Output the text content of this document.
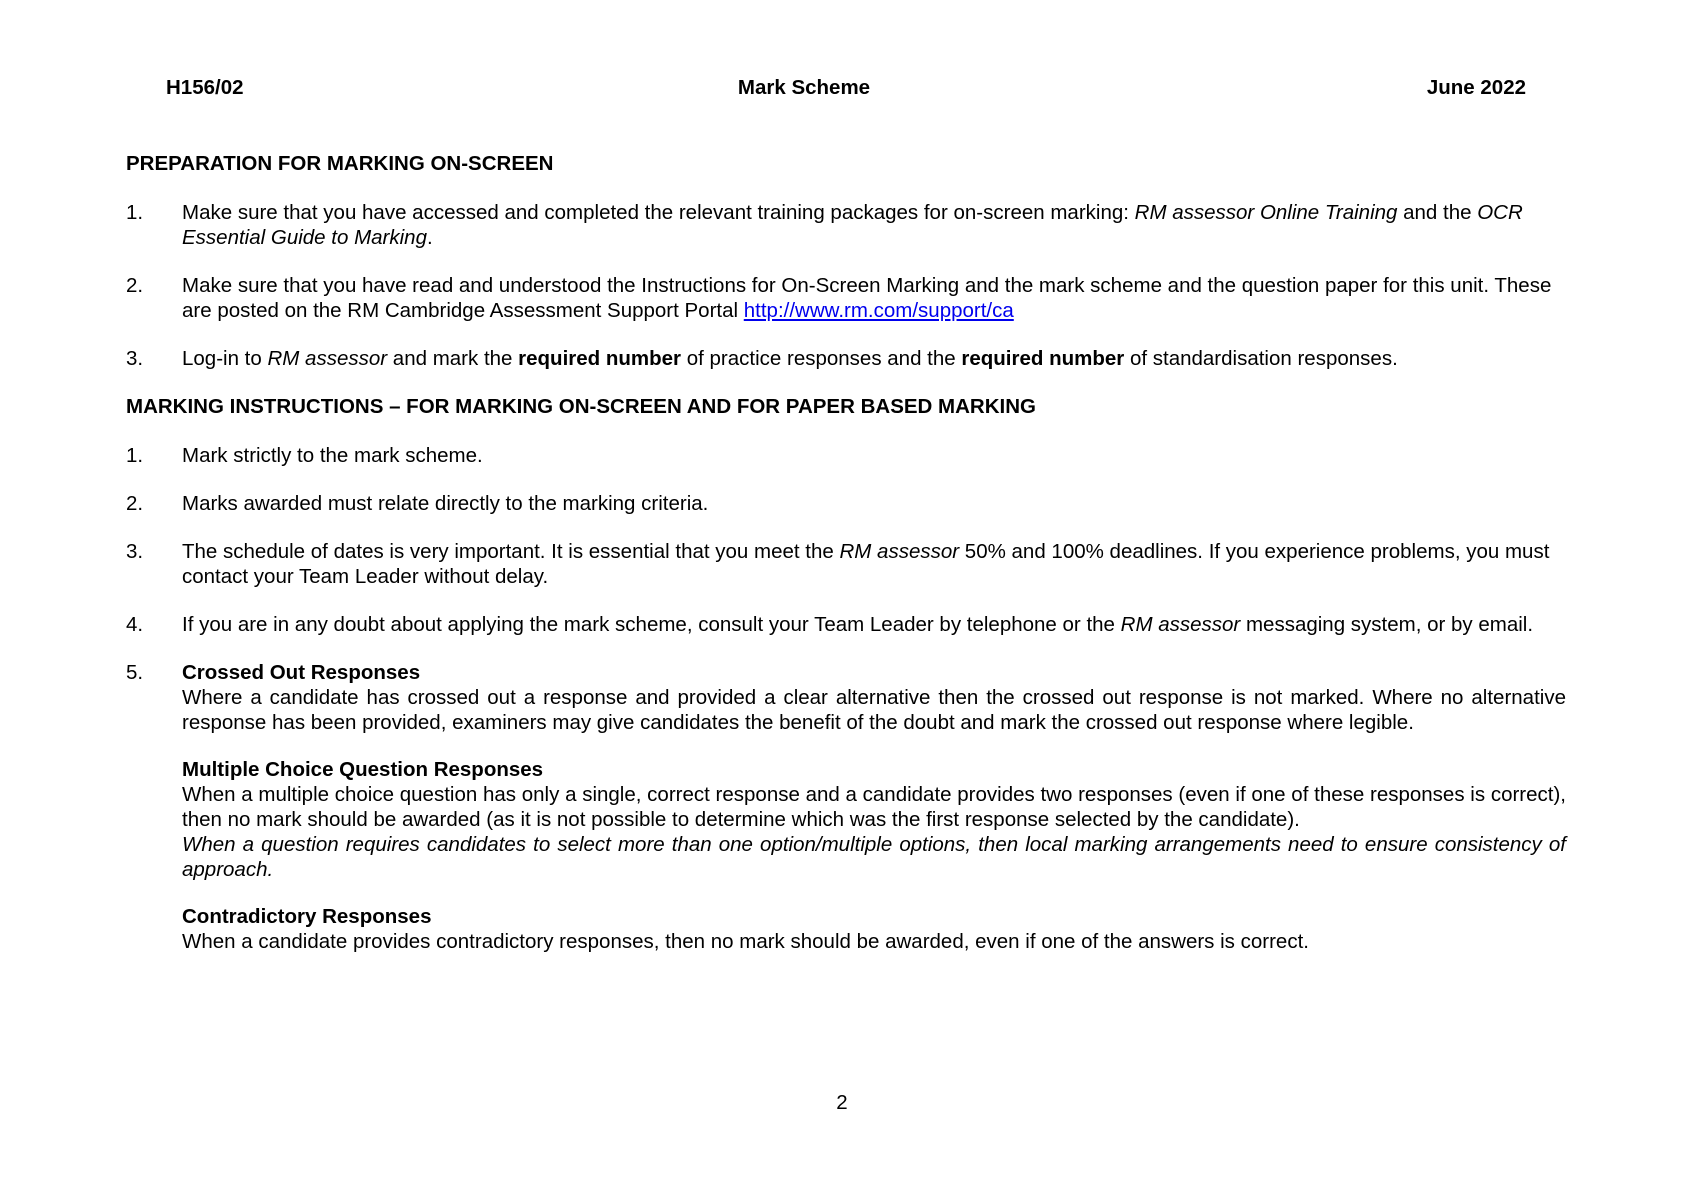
H156/02	Mark Scheme	June 2022
PREPARATION FOR MARKING ON-SCREEN
1. Make sure that you have accessed and completed the relevant training packages for on-screen marking: RM assessor Online Training and the OCR Essential Guide to Marking.
2. Make sure that you have read and understood the Instructions for On-Screen Marking and the mark scheme and the question paper for this unit. These are posted on the RM Cambridge Assessment Support Portal http://www.rm.com/support/ca
3. Log-in to RM assessor and mark the required number of practice responses and the required number of standardisation responses.
MARKING INSTRUCTIONS – FOR MARKING ON-SCREEN AND FOR PAPER BASED MARKING
1. Mark strictly to the mark scheme.
2. Marks awarded must relate directly to the marking criteria.
3. The schedule of dates is very important. It is essential that you meet the RM assessor 50% and 100% deadlines. If you experience problems, you must contact your Team Leader without delay.
4. If you are in any doubt about applying the mark scheme, consult your Team Leader by telephone or the RM assessor messaging system, or by email.
5. Crossed Out Responses
Where a candidate has crossed out a response and provided a clear alternative then the crossed out response is not marked. Where no alternative response has been provided, examiners may give candidates the benefit of the doubt and mark the crossed out response where legible.
Multiple Choice Question Responses
When a multiple choice question has only a single, correct response and a candidate provides two responses (even if one of these responses is correct), then no mark should be awarded (as it is not possible to determine which was the first response selected by the candidate).
When a question requires candidates to select more than one option/multiple options, then local marking arrangements need to ensure consistency of approach.
Contradictory Responses
When a candidate provides contradictory responses, then no mark should be awarded, even if one of the answers is correct.
2
